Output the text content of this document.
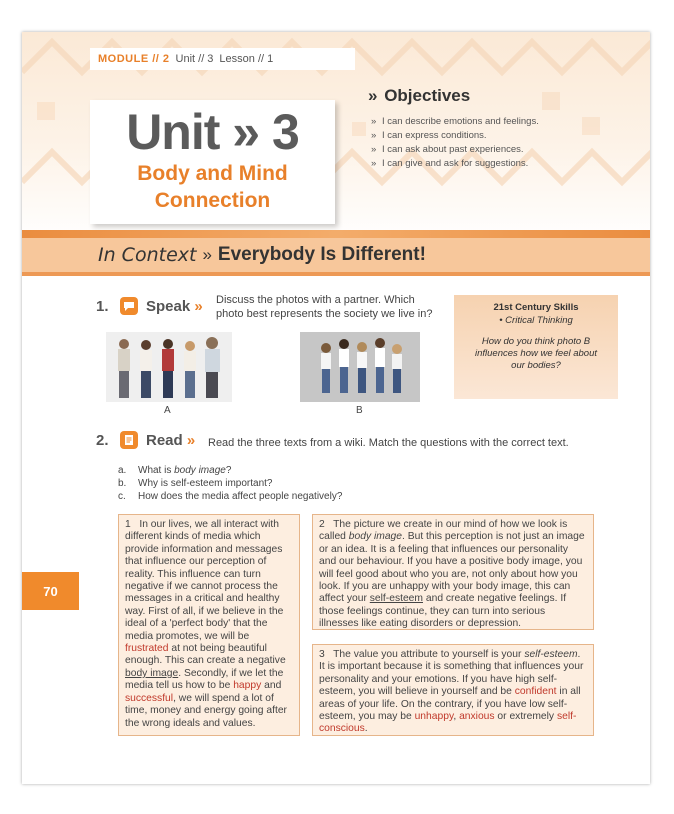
MODULE // 2 Unit // 3 Lesson // 1
Unit » 3
Body and Mind
Connection
» Objectives
» I can describe emotions and feelings.
» I can express conditions.
» I can ask about past experiences.
» I can give and ask for suggestions.
In Context » Everybody Is Different!
1. Speak » Discuss the photos with a partner. Which
photo best represents the society we live in?
A	B
21st Century Skills
• Critical Thinking
How do you think photo B
influences how we feel about
our bodies?
2. Read » Read the three texts from a wiki. Match the questions with the correct text.
a. What is body image?
b. Why is self-esteem important?
c. How does the media affect people negatively?
1 In our lives, we all interact with different kinds of media which provide information and messages that influence our perception of reality. This influence can turn negative if we cannot process the messages in a critical and healthy way. First of all, if we believe in the ideal of a 'perfect body' that the media promotes, we will be frustrated at not being beautiful enough. This can create a negative body image. Secondly, if we let the media tell us how to be happy and successful, we will spend a lot of time, money and energy going after the wrong ideals and values.
2 The picture we create in our mind of how we look is called body image. But this perception is not just an image or an idea. It is a feeling that influences our personality and our behaviour. If you have a positive body image, you will feel good about who you are, not only about how you look. If you are unhappy with your body image, this can affect your self-esteem and create negative feelings. If those feelings continue, they can turn into serious illnesses like eating disorders or depression.
3 The value you attribute to yourself is your self-esteem. It is important because it is something that influences your personality and your emotions. If you have high self-esteem, you will believe in yourself and be confident in all areas of your life. On the contrary, if you have low self-esteem, you may be unhappy, anxious or extremely self-conscious.
70
